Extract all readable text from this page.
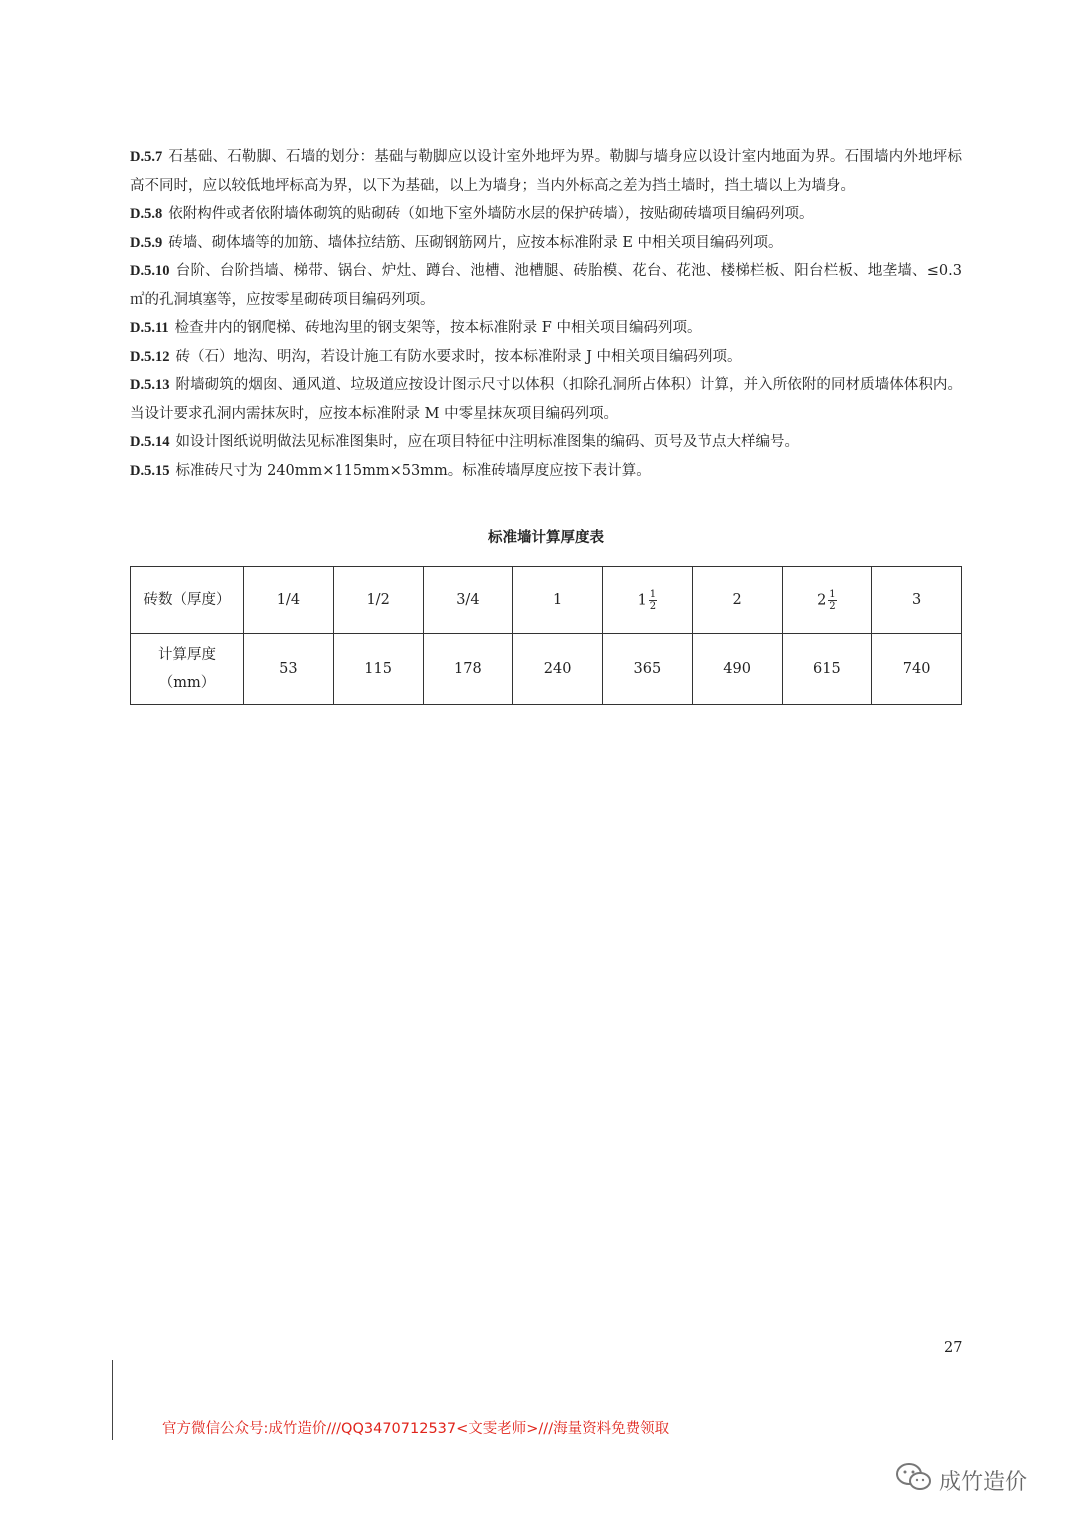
D.5.7 石基础、石勒脚、石墙的划分：基础与勒脚应以设计室外地坪为界。勒脚与墙身应以设计室内地面为界。石围墙内外地坪标高不同时，应以较低地坪标高为界，以下为基础，以上为墙身；当内外标高之差为挡土墙时，挡土墙以上为墙身。

D.5.8 依附构件或者依附墙体砌筑的贴砌砖（如地下室外墙防水层的保护砖墙），按贴砌砖墙项目编码列项。

D.5.9 砖墙、砌体墙等的加筋、墙体拉结筋、压砌钢筋网片，应按本标准附录 E 中相关项目编码列项。

D.5.10 台阶、台阶挡墙、梯带、锅台、炉灶、蹲台、池槽、池槽腿、砖胎模、花台、花池、楼梯栏板、阳台栏板、地垄墙、≤0.3㎡的孔洞填塞等，应按零星砌砖项目编码列项。

D.5.11 检查井内的钢爬梯、砖地沟里的钢支架等，按本标准附录 F 中相关项目编码列项。

D.5.12 砖（石）地沟、明沟，若设计施工有防水要求时，按本标准附录 J 中相关项目编码列项。

D.5.13 附墙砌筑的烟囱、通风道、垃圾道应按设计图示尺寸以体积（扣除孔洞所占体积）计算，并入所依附的同材质墙体体积内。当设计要求孔洞内需抹灰时，应按本标准附录 M 中零星抹灰项目编码列项。

D.5.14 如设计图纸说明做法见标准图集时，应在项目特征中注明标准图集的编码、页号及节点大样编号。

D.5.15 标准砖尺寸为 240mm×115mm×53mm。标准砖墙厚度应按下表计算。

标准墙计算厚度表
砖数（厚度）	1/4	1/2	3/4	1	$1 \frac{1}{2}$	2	$2 \frac{1}{2}$	3
计算厚度
（mm）	53	115	178	240	365	490	615	740
27
官方微信公众号:成竹造价///QQ3470712537<文雯老师>///海量资料免费领取
成竹造价
